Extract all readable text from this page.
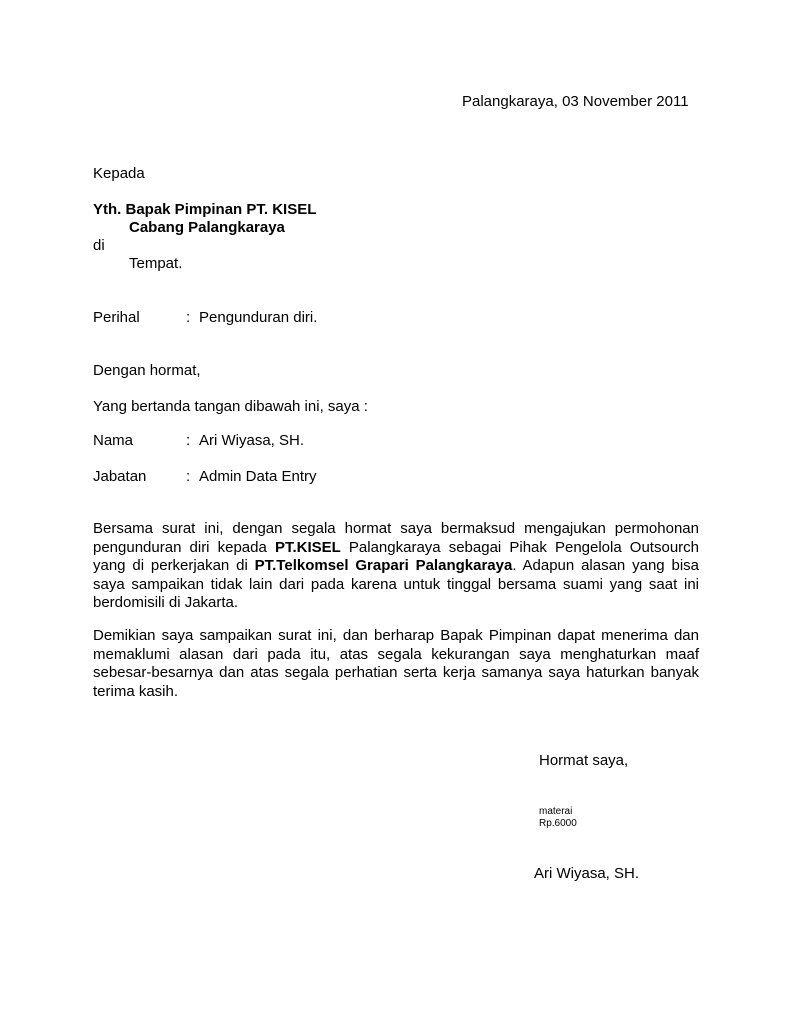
Palangkaraya, 03 November 2011
Kepada
Yth. Bapak Pimpinan PT. KISEL
Cabang Palangkaraya
di
Tempat.
Perihal	: Pengunduran diri.
Dengan hormat,
Yang bertanda tangan dibawah ini, saya :
Nama	: Ari Wiyasa, SH.
Jabatan	: Admin Data Entry
Bersama surat ini, dengan segala hormat saya bermaksud mengajukan permohonan pengunduran diri kepada PT.KISEL Palangkaraya sebagai Pihak Pengelola Outsourch yang di perkerjakan di PT.Telkomsel Grapari Palangkaraya. Adapun alasan yang bisa saya sampaikan tidak lain dari pada karena untuk tinggal bersama suami yang saat ini berdomisili di Jakarta.
Demikian saya sampaikan surat ini, dan berharap Bapak Pimpinan dapat menerima dan memaklumi alasan dari pada itu, atas segala kekurangan saya menghaturkan maaf sebesar-besarnya dan atas segala perhatian serta kerja samanya saya haturkan banyak terima kasih.
Hormat saya,
materai
Rp.6000
Ari Wiyasa, SH.
